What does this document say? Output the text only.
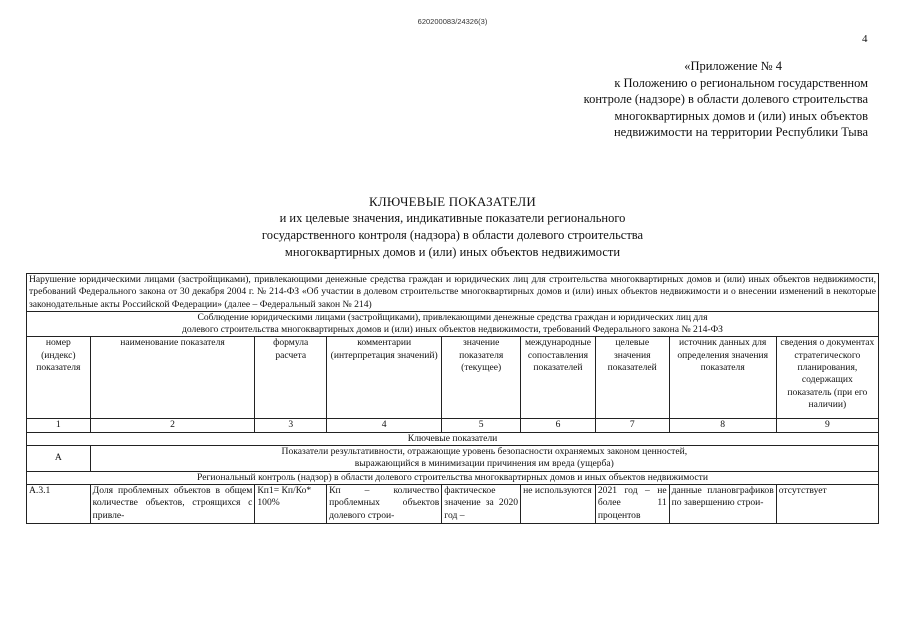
620200083/24326(3)
4
«Приложение № 4
к Положению о региональном государственном
контроле (надзоре) в области долевого строительства
многоквартирных домов и (или) иных объектов
недвижимости на территории Республики Тыва
КЛЮЧЕВЫЕ ПОКАЗАТЕЛИ
и их целевые значения, индикативные показатели регионального
государственного контроля (надзора) в области долевого строительства
многоквартирных домов и (или) иных объектов недвижимости
Нарушение юридическими лицами (застройщиками), привлекающими денежные средства граждан и юридических лиц для строительства многоквартирных домов и (или) иных объектов недвижимости, требований Федерального закона от 30 декабря 2004 г. № 214-ФЗ «Об участии в долевом строительстве многоквартирных домов и (или) иных объектов недвижимости и о внесении изменений в некоторые законодательные акты Российской Федерации» (далее – Федеральный закон № 214)								

Соблюдение юридическими лицами (застройщиками), привлекающими денежные средства граждан и юридических лиц для
долевого строительства многоквартирных домов и (или) иных объектов недвижимости, требований Федерального закона № 214-ФЗ								

номер (индекс) показателя	наименование показателя	формула расчета	комментарии (интерпретация значений)	значение показателя (текущее)	международные сопоставления показателей	целевые значения показателей	источник данных для определения значения показателя	сведения о документах стратегического планирования, содержащих показатель (при его наличии)
1	2	3	4	5	6	7	8	9
Ключевые показатели								
А	Показатели результативности, отражающие уровень безопасности охраняемых законом ценностей,
выражающийся в минимизации причинения им вреда (ущерба)							

Региональный контроль (надзор) в области долевого строительства многоквартирных домов и иных объектов недвижимости								

А.3.1	Доля проблемных объектов в общем количестве объектов, строящихся с привле-	Кп1= Кп/Ко* 100%	Кп – количество проблемных объектов долевого строи-	фактическое значение за 2020 год –	не используются	2021 год – не более 11 процентов	данные плановграфиков по завершению строи-	отсутствует
